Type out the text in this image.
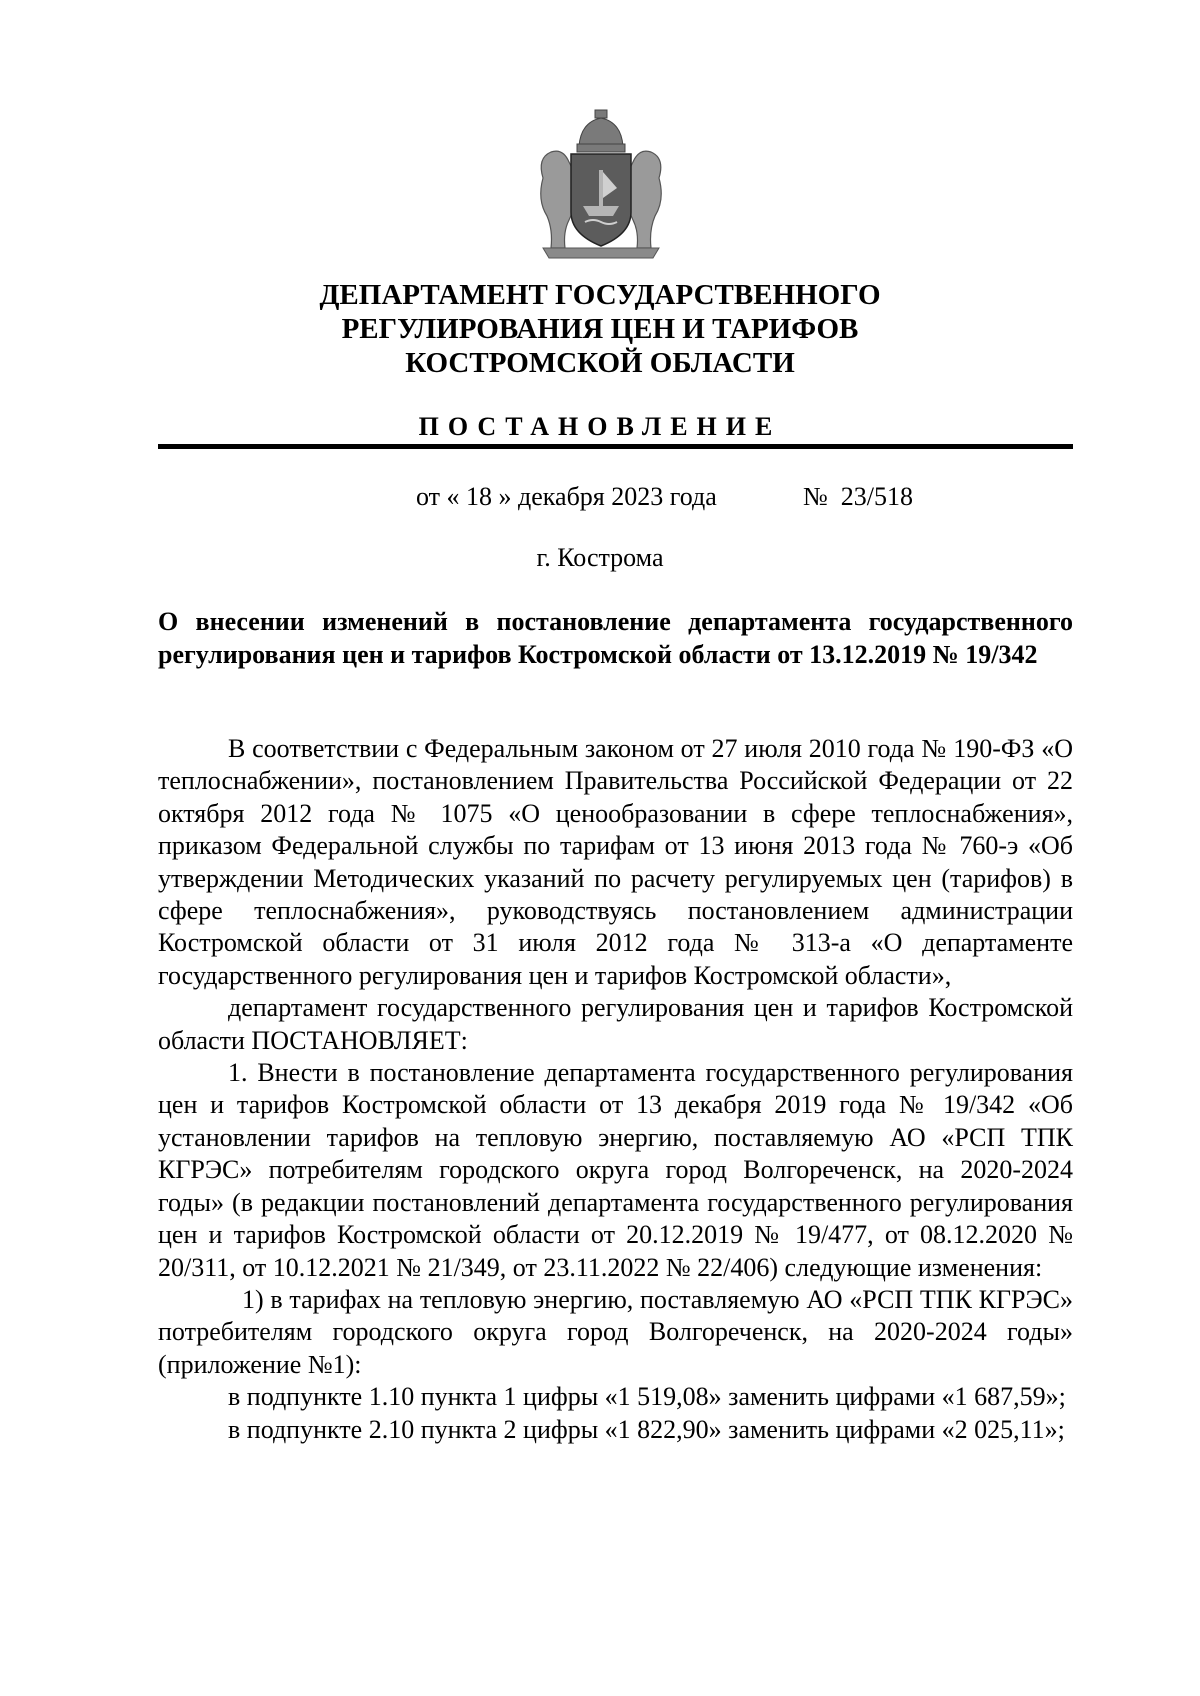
ДЕПАРТАМЕНТ ГОСУДАРСТВЕННОГО
РЕГУЛИРОВАНИЯ ЦЕН И ТАРИФОВ
КОСТРОМСКОЙ ОБЛАСТИ
ПОСТАНОВЛЕНИЕ
от « 18 » декабря 2023 года	№  23/518
г. Кострома
О внесении изменений в постановление департамента государственного регулирования цен и тарифов Костромской области от 13.12.2019 № 19/342

В соответствии с Федеральным законом от 27 июля 2010 года № 190-ФЗ «О теплоснабжении», постановлением Правительства Российской Федерации от 22 октября 2012 года № 1075 «О ценообразовании в сфере теплоснабжения», приказом Федеральной службы по тарифам от 13 июня 2013 года № 760-э «Об утверждении Методических указаний по расчету регулируемых цен (тарифов) в сфере теплоснабжения», руководствуясь постановлением администрации Костромской области от 31 июля 2012 года № 313-а «О департаменте государственного регулирования цен и тарифов Костромской области»,

департамент государственного регулирования цен и тарифов Костромской области ПОСТАНОВЛЯЕТ:

1. Внести в постановление департамента государственного регулирования цен и тарифов Костромской области от 13 декабря 2019 года № 19/342 «Об установлении тарифов на тепловую энергию, поставляемую АО «РСП ТПК КГРЭС» потребителям городского округа город Волгореченск, на 2020-2024 годы» (в редакции постановлений департамента государственного регулирования цен и тарифов Костромской области от 20.12.2019 № 19/477, от 08.12.2020 № 20/311, от 10.12.2021 № 21/349, от 23.11.2022 № 22/406) следующие изменения:

1) в тарифах на тепловую энергию, поставляемую АО «РСП ТПК КГРЭС» потребителям городского округа город Волгореченск, на 2020-2024 годы» (приложение №1):

в подпункте 1.10 пункта 1 цифры «1 519,08» заменить цифрами «1 687,59»;

в подпункте 2.10 пункта 2 цифры «1 822,90» заменить цифрами «2 025,11»;
